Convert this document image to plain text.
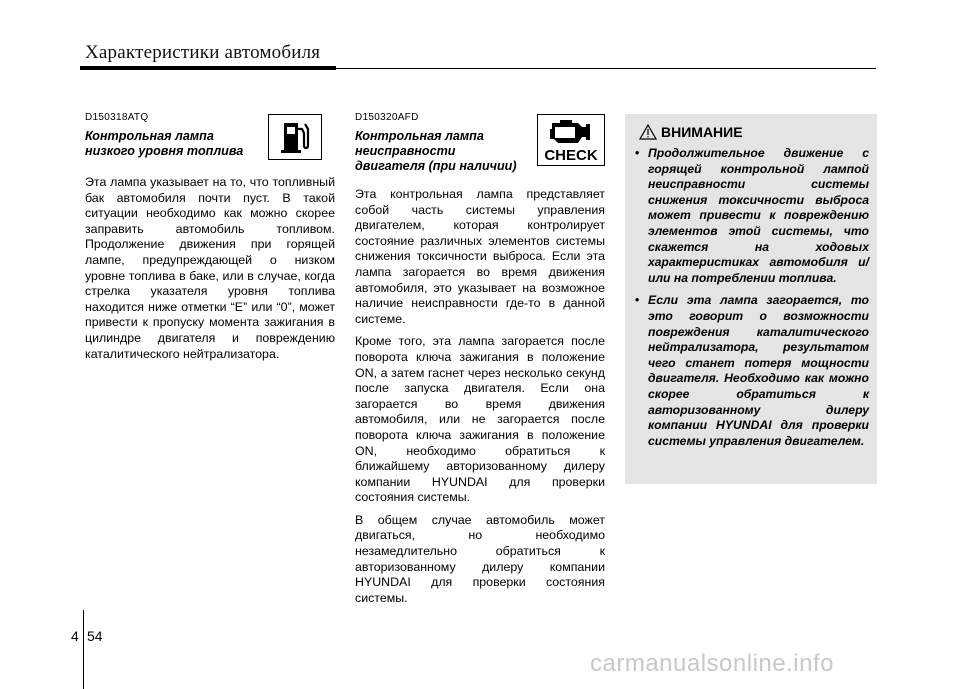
Характеристики автомобиля
D150318ATQ
Контрольная лампа
низкого уровня топлива

Эта лампа указывает на то, что топливный бак автомобиля почти пуст. В такой ситуации необходимо как можно скорее заправить автомобиль топливом. Продолжение движения при горящей лампе, предупреждающей о низком уровне топлива в баке, или в случае, когда стрелка указателя уровня топлива находится ниже отметки “E” или “0”, может привести к пропуску момента зажигания в цилиндре двигателя и повреждению каталитического нейтрализатора.

D150320AFD
Контрольная лампа
неисправности
двигателя (при наличии)

Эта контрольная лампа представляет собой часть системы управления двигателем, которая контролирует состояние различных элементов системы снижения токсичности выброса. Если эта лампа загорается во время движения автомобиля, это указывает на возможное наличие неисправности где-то в данной системе.

Кроме того, эта лампа загорается после поворота ключа зажигания в положение ON, а затем гаснет через несколько секунд после запуска двигателя. Если она загорается во время движения автомобиля, или не загорается после поворота ключа зажигания в положение ON, необходимо обратиться к ближайшему авторизованному дилеру компании HYUNDAI для проверки состояния системы.

В общем случае автомобиль может двигаться, но необходимо незамедлительно обратиться к авторизованному дилеру компании HYUNDAI для проверки состояния системы.

CHECK
ВНИМАНИЕ
• Продолжительное движение с горящей контрольной лампой неисправности системы снижения токсичности выброса может привести к повреждению элементов этой системы, что скажется на ходовых характеристиках автомобиля и/или на потреблении топлива.
• Если эта лампа загорается, то это говорит о возможности повреждения каталитического нейтрализатора, результатом чего станет потеря мощности двигателя. Необходимо как можно скорее обратиться к авторизованному дилеру компании HYUNDAI для проверки системы управления двигателем.
4 54
carmanualsonline.info
